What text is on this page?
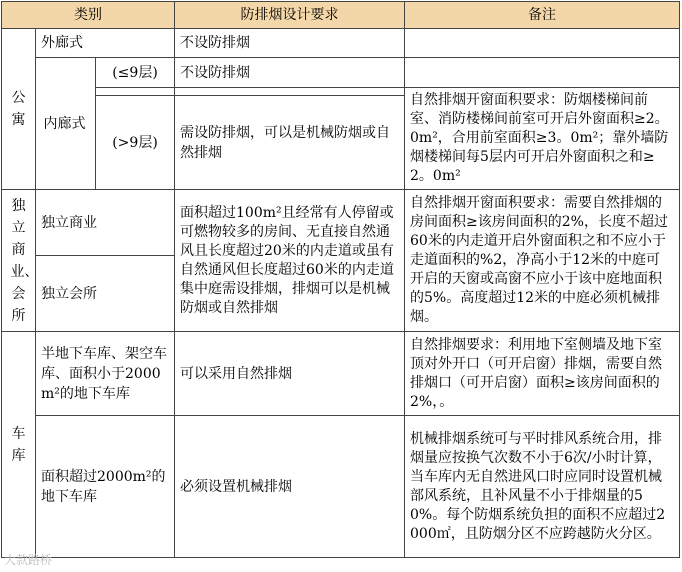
类别			防排烟设计要求	备注

公寓	外廊式		不设防排烟	

	内廊式	(≤9层)	不设防排烟	
				自然排烟开窗面积要求：防烟楼梯间前室、消防楼梯间前室可开启外窗面积≥2。0m²，合用前室面积≥3。0m²；靠外墙防烟楼梯间每5层内可开启外窗面积之和≥2。0m²
		(>9层)	需设防排烟，可以是机械防烟或自然排烟	

独立商业、会所	独立商业		面积超过100m²且经常有人停留或可燃物较多的房间、无直接自然通风且长度超过20米的内走道或虽有自然通风但长度超过60米的内走道集中庭需设排烟，排烟可以是机械防烟或自然排烟	自然排烟开窗面积要求：需要自然排烟的房间面积≥该房间面积的2%，长度不超过60米的内走道开启外窗面积之和不应小于走道面积的%2，净高小于12米的中庭可开启的天窗或高窗不应小于该中庭地面积的5%。高度超过12米的中庭必须机械排烟。
	独立会所			

车库	半地下车库、架空车库、面积小于2000m²的地下车库		可以采用自然排烟	自然排烟要求：利用地下室侧墙及地下室顶对外开口（可开启窗）排烟，需要自然排烟口（可开启窗）面积≥该房间面积的2%，。
	面积超过2000m²的地下车库		必须设置机械排烟	机械排烟系统可与平时排风系统合用，排烟量应按换气次数不小于6次/小时计算，当车库内无自然进风口时应同时设置机械部风系统，且补风量不小于排烟量的50%。每个防烟系统负担的面积不应超过2000㎡，且防烟分区不应跨越防火分区。
大款路桥
